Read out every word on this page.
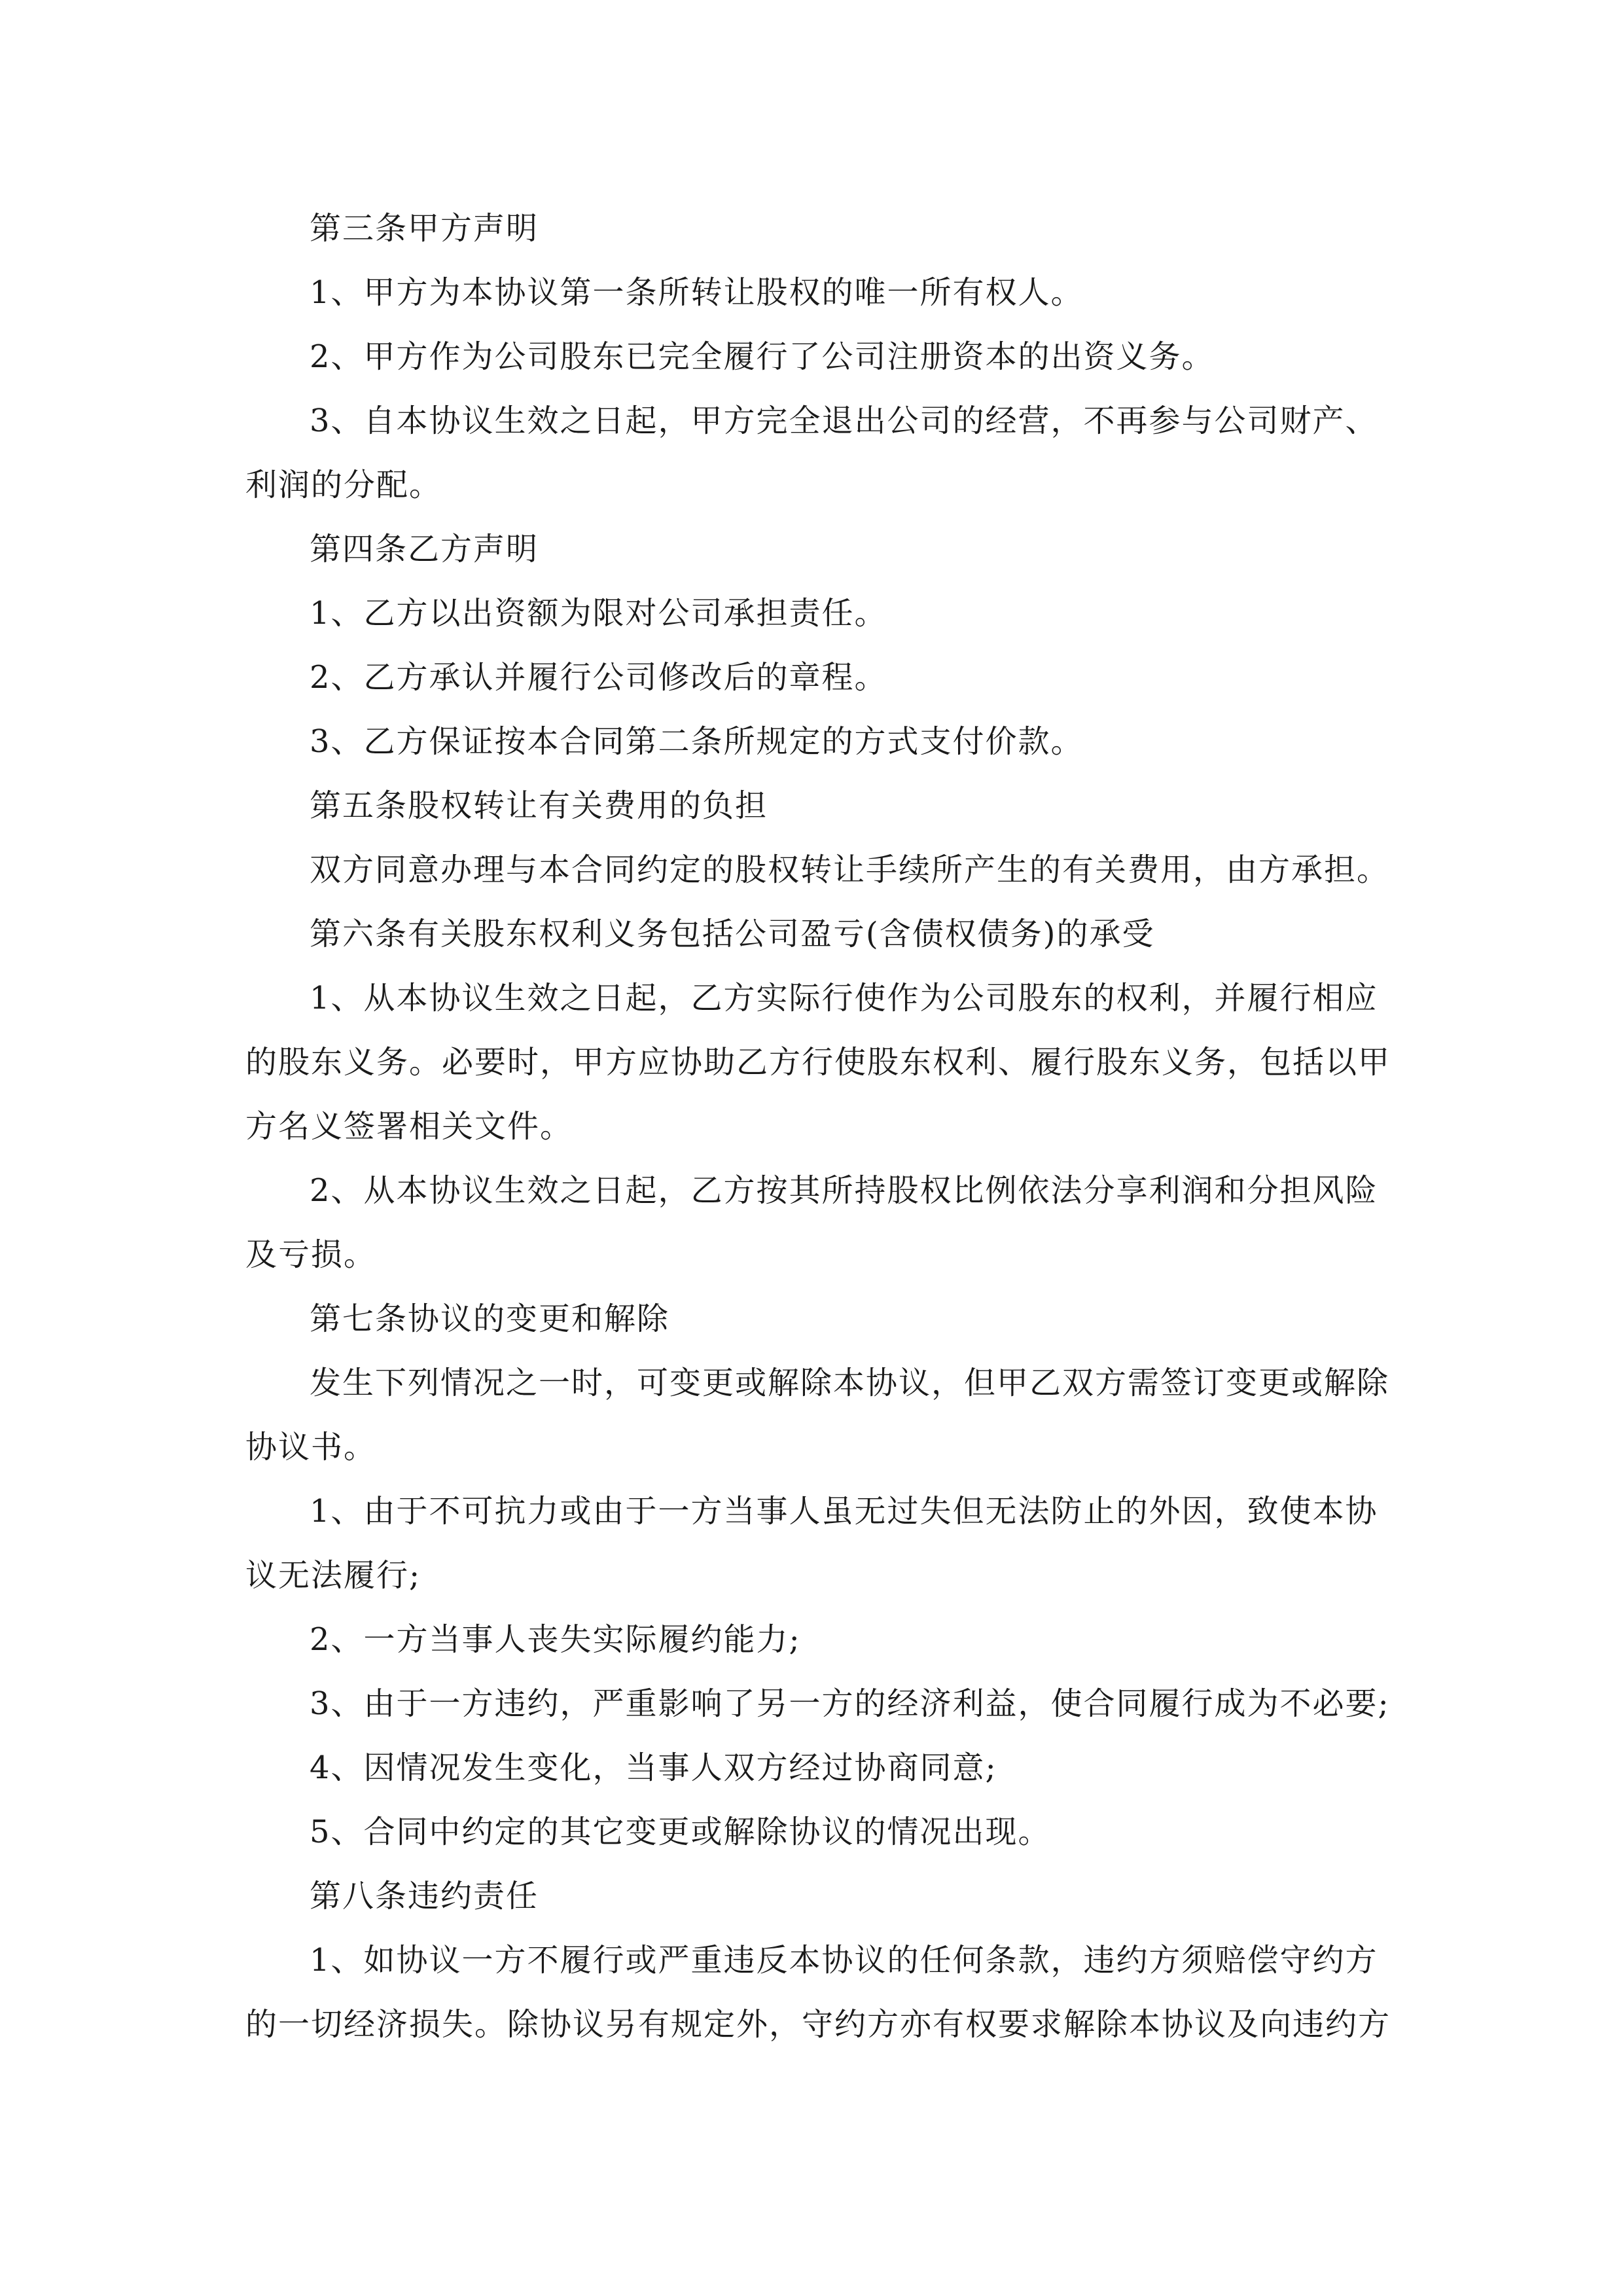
第三条甲方声明

1、甲方为本协议第一条所转让股权的唯一所有权人。

2、甲方作为公司股东已完全履行了公司注册资本的出资义务。

3、自本协议生效之日起，甲方完全退出公司的经营，不再参与公司财产、利润的分配。

第四条乙方声明

1、乙方以出资额为限对公司承担责任。

2、乙方承认并履行公司修改后的章程。

3、乙方保证按本合同第二条所规定的方式支付价款。

第五条股权转让有关费用的负担

双方同意办理与本合同约定的股权转让手续所产生的有关费用，由方承担。

第六条有关股东权利义务包括公司盈亏(含债权债务)的承受

1、从本协议生效之日起，乙方实际行使作为公司股东的权利，并履行相应的股东义务。必要时，甲方应协助乙方行使股东权利、履行股东义务，包括以甲方名义签署相关文件。

2、从本协议生效之日起，乙方按其所持股权比例依法分享利润和分担风险及亏损。

第七条协议的变更和解除

发生下列情况之一时，可变更或解除本协议，但甲乙双方需签订变更或解除协议书。

1、由于不可抗力或由于一方当事人虽无过失但无法防止的外因，致使本协议无法履行;

2、一方当事人丧失实际履约能力;

3、由于一方违约，严重影响了另一方的经济利益，使合同履行成为不必要;

4、因情况发生变化，当事人双方经过协商同意;

5、合同中约定的其它变更或解除协议的情况出现。

第八条违约责任

1、如协议一方不履行或严重违反本协议的任何条款，违约方须赔偿守约方的一切经济损失。除协议另有规定外，守约方亦有权要求解除本协议及向违约方
